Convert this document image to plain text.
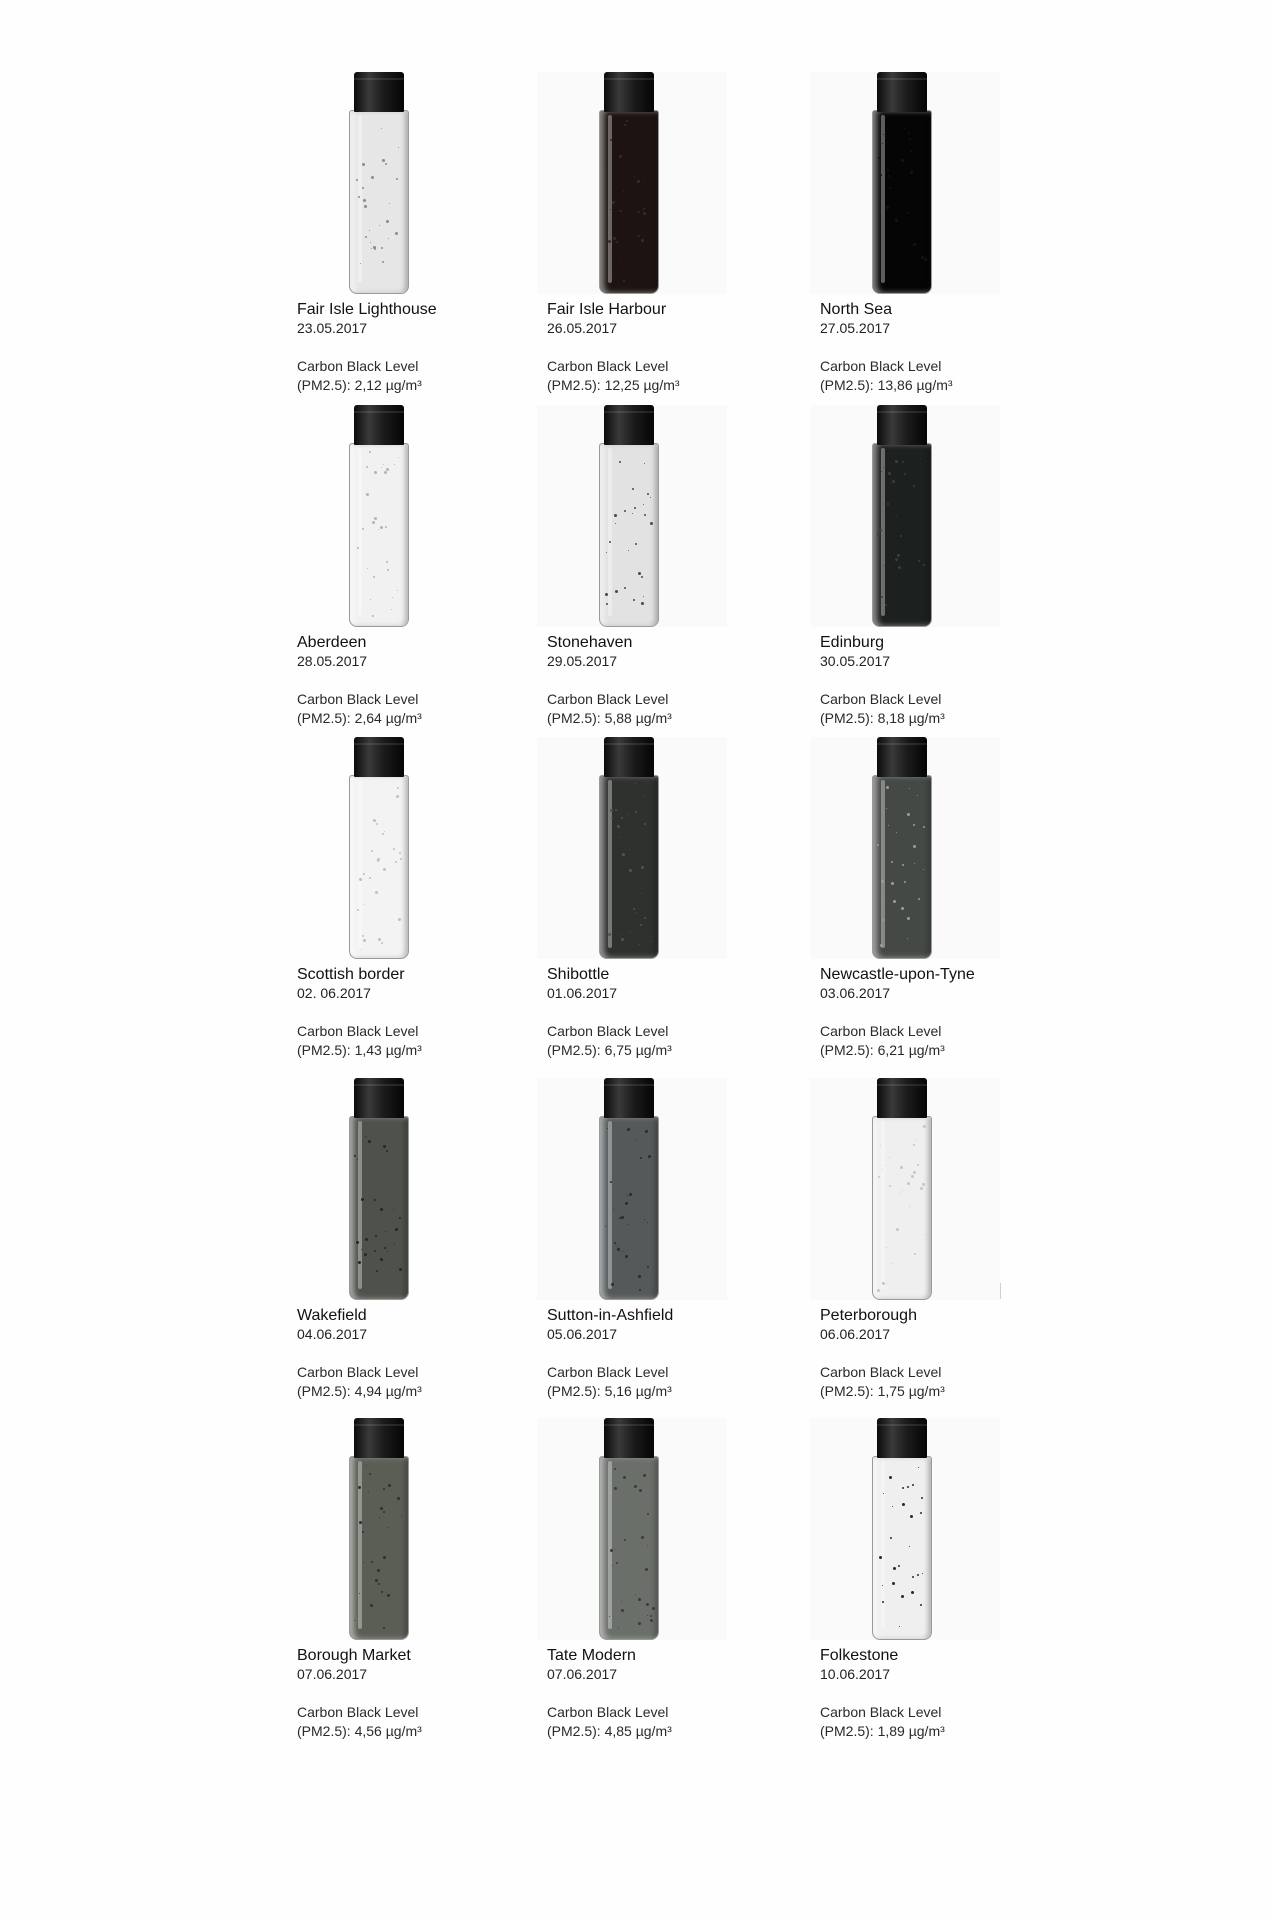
Fair Isle Lighthouse
23.05.2017
Carbon Black Level
(PM2.5): 2,12 µg/m³
Fair Isle Harbour
26.05.2017
Carbon Black Level
(PM2.5): 12,25 µg/m³
North Sea
27.05.2017
Carbon Black Level
(PM2.5): 13,86 µg/m³
Aberdeen
28.05.2017
Carbon Black Level
(PM2.5): 2,64 µg/m³
Stonehaven
29.05.2017
Carbon Black Level
(PM2.5): 5,88 µg/m³
Edinburg
30.05.2017
Carbon Black Level
(PM2.5): 8,18 µg/m³
Scottish border
02. 06.2017
Carbon Black Level
(PM2.5): 1,43 µg/m³
Shibottle
01.06.2017
Carbon Black Level
(PM2.5): 6,75 µg/m³
Newcastle-upon-Tyne
03.06.2017
Carbon Black Level
(PM2.5): 6,21 µg/m³
Wakefield
04.06.2017
Carbon Black Level
(PM2.5): 4,94 µg/m³
Sutton-in-Ashfield
05.06.2017
Carbon Black Level
(PM2.5): 5,16 µg/m³
Peterborough
06.06.2017
Carbon Black Level
(PM2.5): 1,75 µg/m³
Borough Market
07.06.2017
Carbon Black Level
(PM2.5): 4,56 µg/m³
Tate Modern
07.06.2017
Carbon Black Level
(PM2.5): 4,85 µg/m³
Folkestone
10.06.2017
Carbon Black Level
(PM2.5): 1,89 µg/m³
